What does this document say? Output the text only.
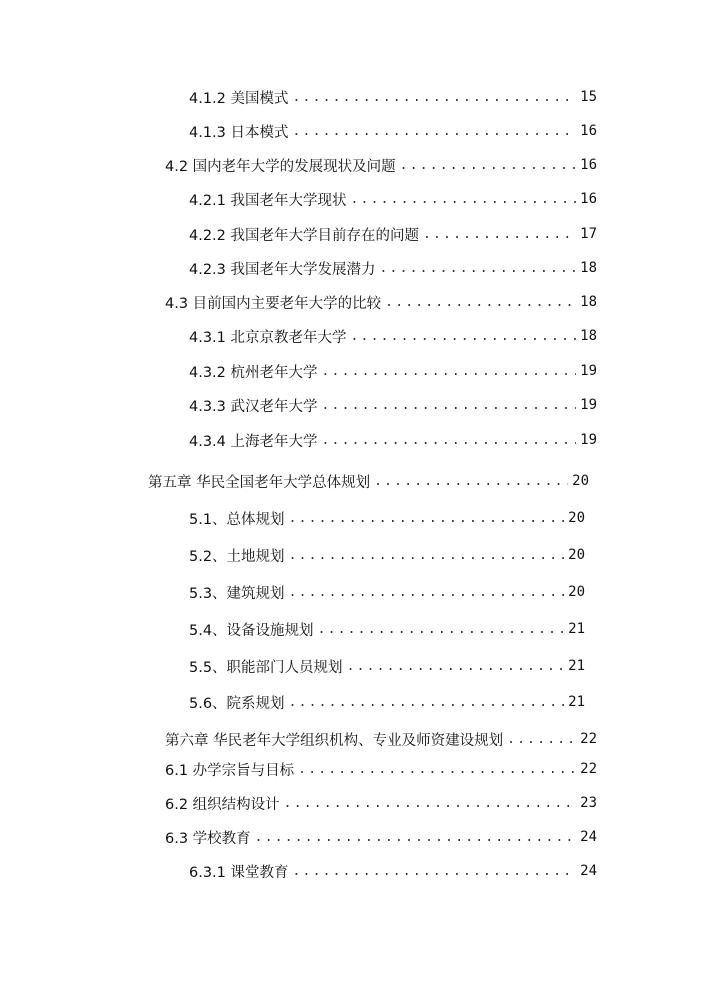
4.1.2 美国模式 .....	15
4.1.3 日本模式 .....	16
4.2 国内老年大学的发展现状及问题 .....	16
4.2.1 我国老年大学现状 .....	16
4.2.2 我国老年大学目前存在的问题 .....	17
4.2.3 我国老年大学发展潜力 .....	18
4.3 目前国内主要老年大学的比较 .....	18
4.3.1 北京京教老年大学 .....	18
4.3.2 杭州老年大学 .....	19
4.3.3 武汉老年大学 .....	19
4.3.4 上海老年大学 .....	19
第五章 华民全国老年大学总体规划 .....	20
5.1、总体规划 .....	20
5.2、土地规划 .....	20
5.3、建筑规划 .....	20
5.4、设备设施规划 .....	21
5.5、职能部门人员规划 .....	21
5.6、院系规划 .....	21
第六章 华民老年大学组织机构、专业及师资建设规划 .....	22
6.1 办学宗旨与目标 .....	22
6.2 组织结构设计 .....	23
6.3 学校教育 .....	24
6.3.1 课堂教育 .....	24
